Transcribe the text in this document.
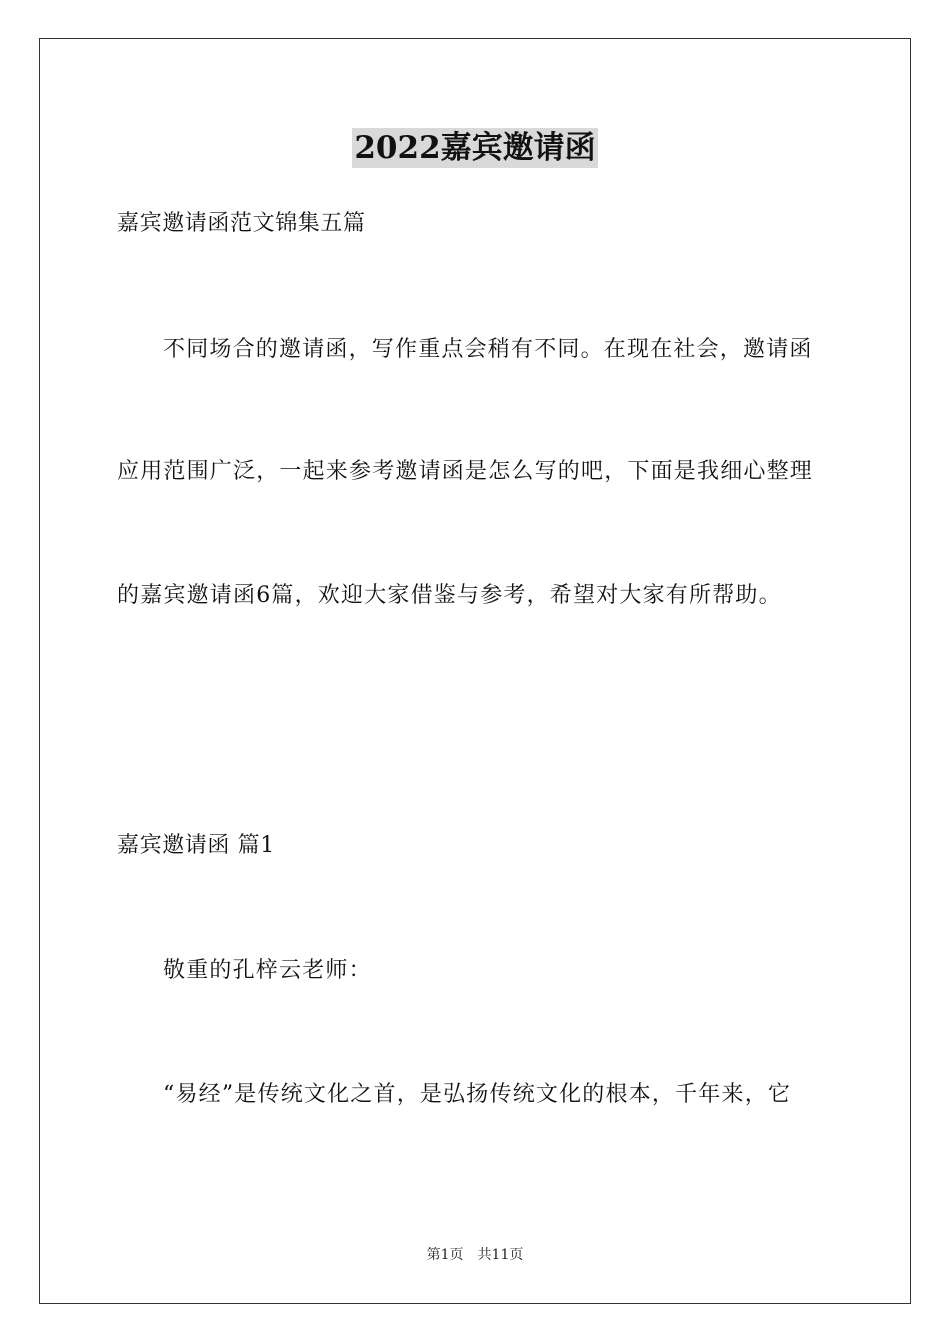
2022嘉宾邀请函
嘉宾邀请函范文锦集五篇
不同场合的邀请函，写作重点会稍有不同。在现在社会，邀请函
应用范围广泛，一起来参考邀请函是怎么写的吧，下面是我细心整理
的嘉宾邀请函6篇，欢迎大家借鉴与参考，希望对大家有所帮助。
嘉宾邀请函 篇1
敬重的孔梓云老师：
“易经”是传统文化之首，是弘扬传统文化的根本，千年来，它
第1页　共11页
